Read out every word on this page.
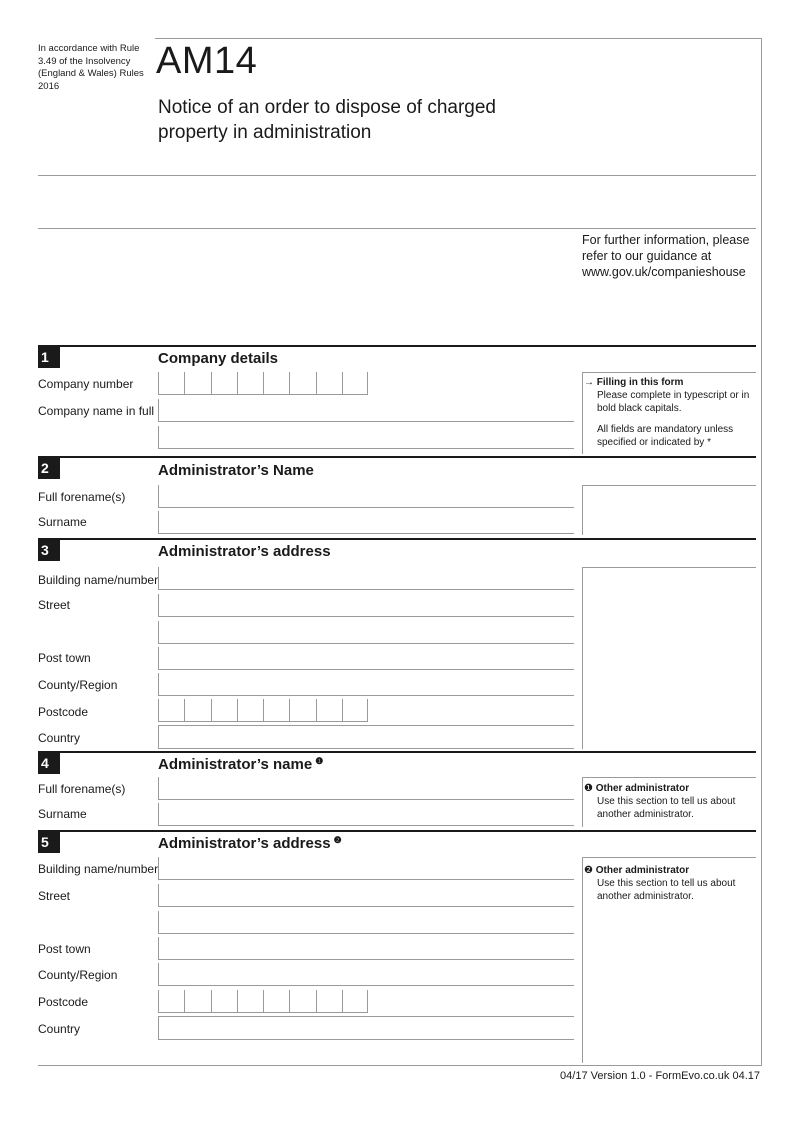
In accordance with Rule 3.49 of the Insolvency (England & Wales) Rules 2016
AM14
Notice of an order to dispose of charged
property in administration
For further information, please refer to our guidance at www.gov.uk/companieshouse
1	Company details
Company number
Company name in full
→ Filling in this form
Please complete in typescript or in bold black capitals.
All fields are mandatory unless specified or indicated by *
2	Administrator’s Name
Full forename(s)
Surname
3	Administrator’s address
Building name/number
Street
Post town
County/Region
Postcode
Country
4	Administrator’s name $^❶$
Full forename(s)
Surname
❶ Other administrator
Use this section to tell us about another administrator.
5	Administrator’s address $^❷$
Building name/number
Street
Post town
County/Region
Postcode
Country
❷ Other administrator
Use this section to tell us about another administrator.
04/17 Version 1.0 - FormEvo.co.uk 04.17
